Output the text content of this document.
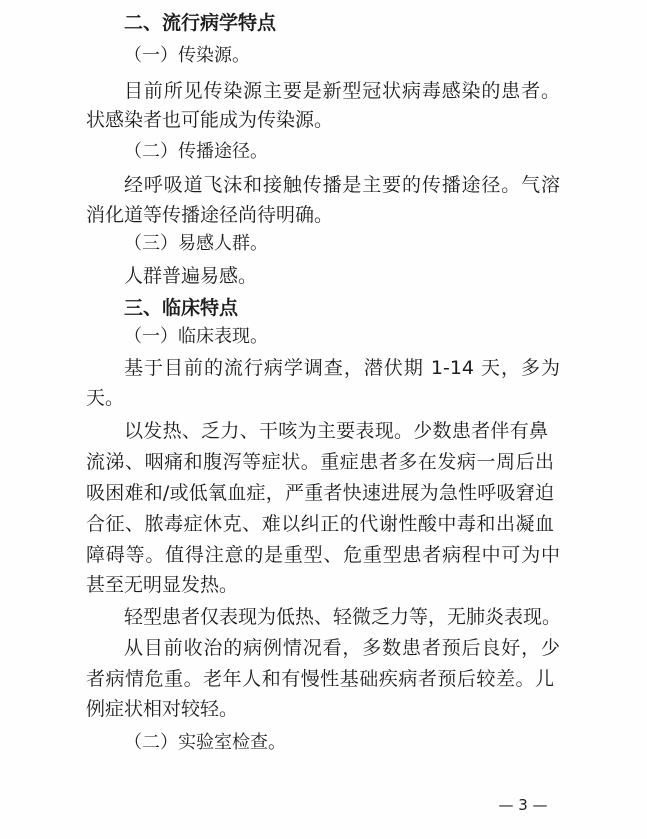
二、流行病学特点
（一）传染源。
目前所见传染源主要是新型冠状病毒感染的患者。
状感染者也可能成为传染源。
（二）传播途径。
经呼吸道飞沫和接触传播是主要的传播途径。气溶
消化道等传播途径尚待明确。
（三）易感人群。
人群普遍易感。
三、临床特点
（一）临床表现。
基于目前的流行病学调查，潜伏期 1-14 天，多为
天。
以发热、乏力、干咳为主要表现。少数患者伴有鼻
流涕、咽痛和腹泻等症状。重症患者多在发病一周后出
吸困难和/或低氧血症，严重者快速进展为急性呼吸窘迫
合征、脓毒症休克、难以纠正的代谢性酸中毒和出凝血
障碍等。值得注意的是重型、危重型患者病程中可为中
甚至无明显发热。
轻型患者仅表现为低热、轻微乏力等，无肺炎表现。
从目前收治的病例情况看，多数患者预后良好，少
者病情危重。老年人和有慢性基础疾病者预后较差。儿
例症状相对较轻。
（二）实验室检查。
— 3 —
